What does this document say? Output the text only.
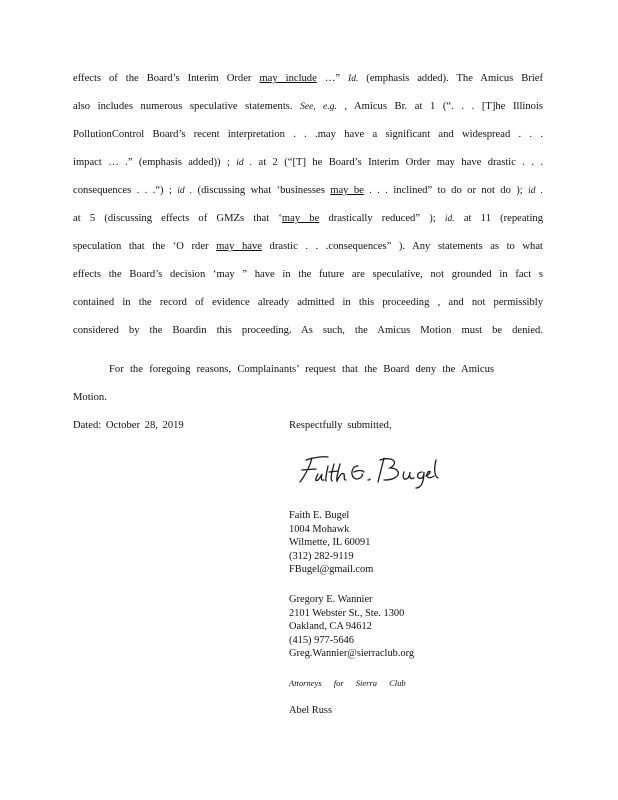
effects of the Board’s Interim Order may include …” Id. (emphasis added). The Amicus Brief
also includes numerous speculative statements. See, e.g. , Amicus Br. at 1 (“. . . [T]he Illinois
PollutionControl Board’s recent interpretation . . .may have a significant and widespread . . .
impact … .” (emphasis added)) ; id . at 2 (“[T] he Board’s Interim Order may have drastic . . .
consequences . . .“) ; id . (discussing what ‘businesses may be . . . inclined” to do or not do ); id .
at 5 (discussing effects of GMZs that ‘may be drastically reduced” ); id. at 11 (repeating
speculation that the ‘O rder may have drastic . . .consequences” ). Any statements as to what
effects the Board’s decision ‘may ” have in the future are speculative, not grounded in fact s
contained in the record of evidence already admitted in this proceeding , and not permissibly
considered by the Boardin this proceeding. As such, the Amicus Motion must be denied.
For the foregoing reasons, Complainants’ request that the Board deny the Amicus
Motion.
Dated: October 28, 2019	Respectfully submitted,
Faith E. Bugel
1004 Mohawk
Wilmette, IL 60091
(312) 282-9119
FBugel@gmail.com
Gregory E. Wannier
2101 Webster St., Ste. 1300
Oakland, CA 94612
(415) 977-5646
Greg.Wannier@sierraclub.org
Attorneys for Sierra Club
Abel Russ
